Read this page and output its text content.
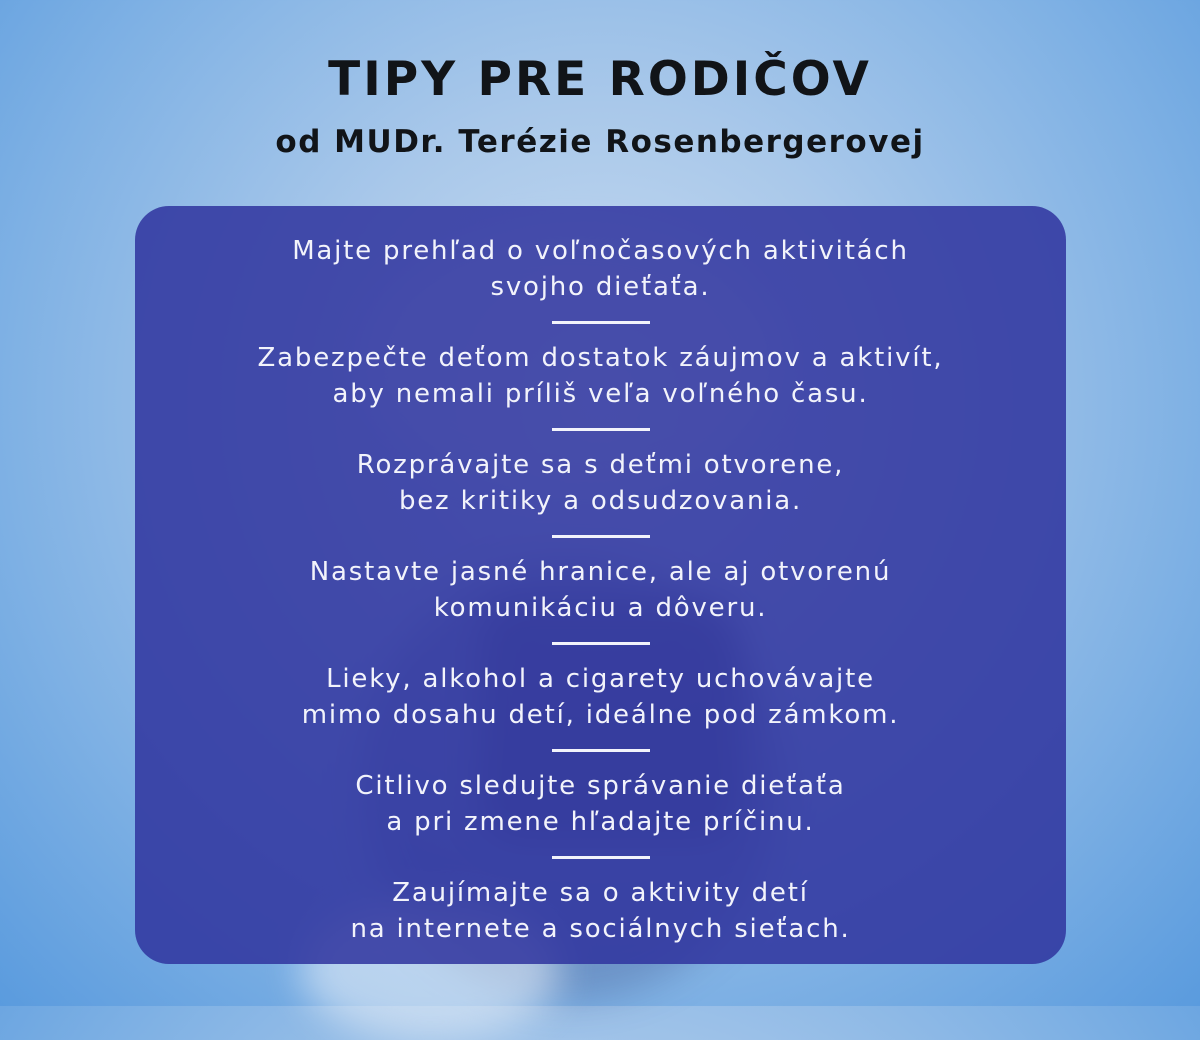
TIPY PRE RODIČOV
od MUDr. Terézie Rosenbergerovej

Majte prehľad o voľnočasových aktivitách
svojho dieťaťa.

Zabezpečte deťom dostatok záujmov a aktivít,
aby nemali príliš veľa voľného času.

Rozprávajte sa s deťmi otvorene,
bez kritiky a odsudzovania.

Nastavte jasné hranice, ale aj otvorenú
komunikáciu a dôveru.

Lieky, alkohol a cigarety uchovávajte
mimo dosahu detí, ideálne pod zámkom.

Citlivo sledujte správanie dieťaťa
a pri zmene hľadajte príčinu.

Zaujímajte sa o aktivity detí
na internete a sociálnych sieťach.
